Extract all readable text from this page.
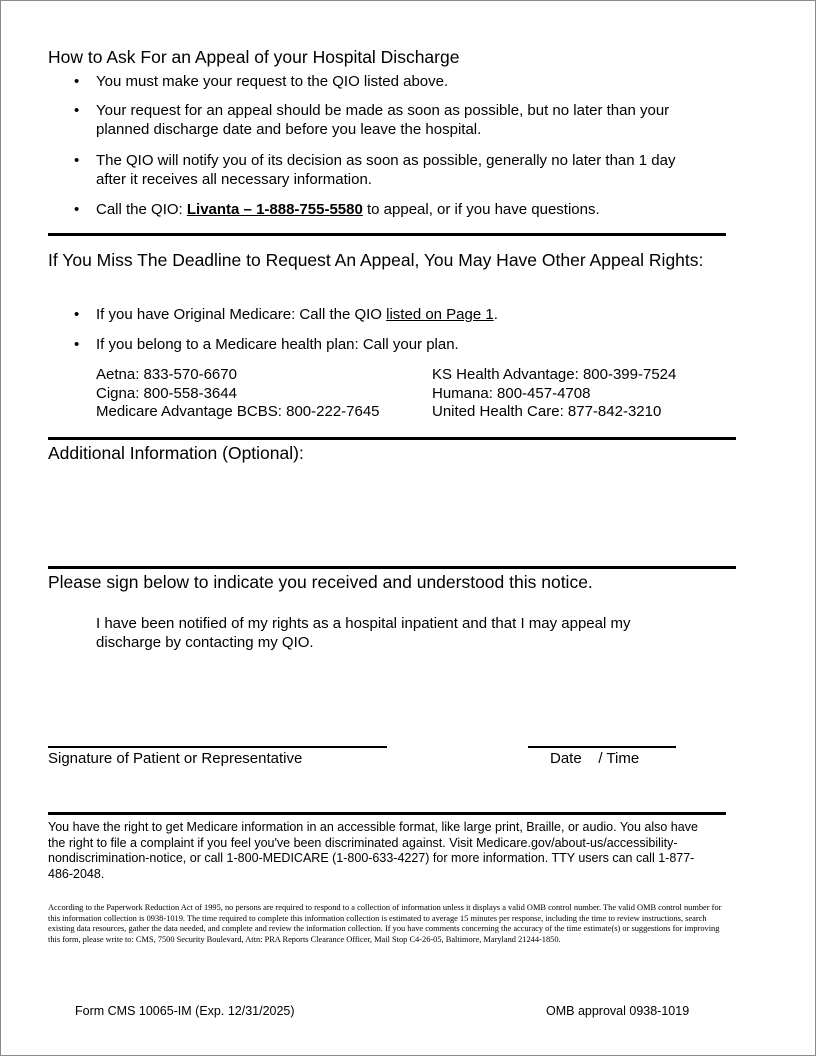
How to Ask For an Appeal of your Hospital Discharge
• You must make your request to the QIO listed above.
• Your request for an appeal should be made as soon as possible, but no later than your planned discharge date and before you leave the hospital.
• The QIO will notify you of its decision as soon as possible, generally no later than 1 day after it receives all necessary information.
• Call the QIO: Livanta – 1-888-755-5580 to appeal, or if you have questions.
If You Miss The Deadline to Request An Appeal, You May Have Other Appeal Rights:
• If you have Original Medicare: Call the QIO listed on Page 1.
• If you belong to a Medicare health plan: Call your plan.
Aetna: 833-570-6670
Cigna: 800-558-3644
Medicare Advantage BCBS: 800-222-7645
KS Health Advantage: 800-399-7524
Humana: 800-457-4708
United Health Care: 877-842-3210
Additional Information (Optional):
Please sign below to indicate you received and understood this notice.
I have been notified of my rights as a hospital inpatient and that I may appeal my discharge by contacting my QIO.
Signature of Patient or Representative	Date    / Time
You have the right to get Medicare information in an accessible format, like large print, Braille, or audio. You also have the right to file a complaint if you feel you've been discriminated against. Visit Medicare.gov/about-us/accessibility-nondiscrimination-notice, or call 1-800-MEDICARE (1-800-633-4227) for more information. TTY users can call 1-877-486-2048.
According to the Paperwork Reduction Act of 1995, no persons are required to respond to a collection of information unless it displays a valid OMB control number. The valid OMB control number for this information collection is 0938-1019. The time required to complete this information collection is estimated to average 15 minutes per response, including the time to review instructions, search existing data resources, gather the data needed, and complete and review the information collection. If you have comments concerning the accuracy of the time estimate(s) or suggestions for improving this form, please write to: CMS, 7500 Security Boulevard, Attn: PRA Reports Clearance Officer, Mail Stop C4-26-05, Baltimore, Maryland 21244-1850.
Form CMS 10065-IM (Exp. 12/31/2025)	OMB approval 0938-1019
